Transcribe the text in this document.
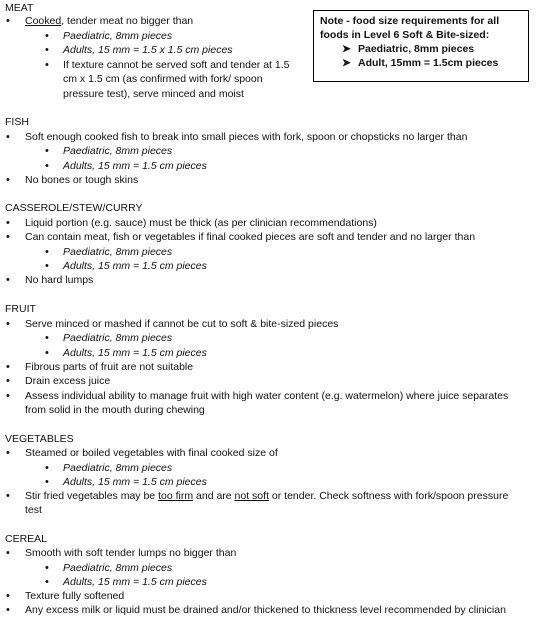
MEAT
• Cooked, tender meat no bigger than
• Paediatric, 8mm pieces
• Adults, 15 mm = 1.5 x 1.5 cm pieces
• If texture cannot be served soft and tender at 1.5
cm x 1.5 cm (as confirmed with fork/ spoon
pressure test), serve minced and moist
Note - food size requirements for all
foods in Level 6 Soft & Bite-sized:
➤ Paediatric, 8mm pieces
➤ Adult, 15mm = 1.5cm pieces
FISH
• Soft enough cooked fish to break into small pieces with fork, spoon or chopsticks no larger than
• Paediatric, 8mm pieces
• Adults, 15 mm = 1.5 cm pieces
• No bones or tough skins
CASSEROLE/STEW/CURRY
• Liquid portion (e.g. sauce) must be thick (as per clinician recommendations)
• Can contain meat, fish or vegetables if final cooked pieces are soft and tender and no larger than
• Paediatric, 8mm pieces
• Adults, 15 mm = 1.5 cm pieces
• No hard lumps
FRUIT
• Serve minced or mashed if cannot be cut to soft & bite-sized pieces
• Paediatric, 8mm pieces
• Adults, 15 mm = 1.5 cm pieces
• Fibrous parts of fruit are not suitable
• Drain excess juice
• Assess individual ability to manage fruit with high water content (e.g. watermelon) where juice separates
from solid in the mouth during chewing
VEGETABLES
• Steamed or boiled vegetables with final cooked size of
• Paediatric, 8mm pieces
• Adults, 15 mm = 1.5 cm pieces
• Stir fried vegetables may be too firm and are not soft or tender. Check softness with fork/spoon pressure
test
CEREAL
• Smooth with soft tender lumps no bigger than
• Paediatric, 8mm pieces
• Adults, 15 mm = 1.5 cm pieces
• Texture fully softened
• Any excess milk or liquid must be drained and/or thickened to thickness level recommended by clinician
